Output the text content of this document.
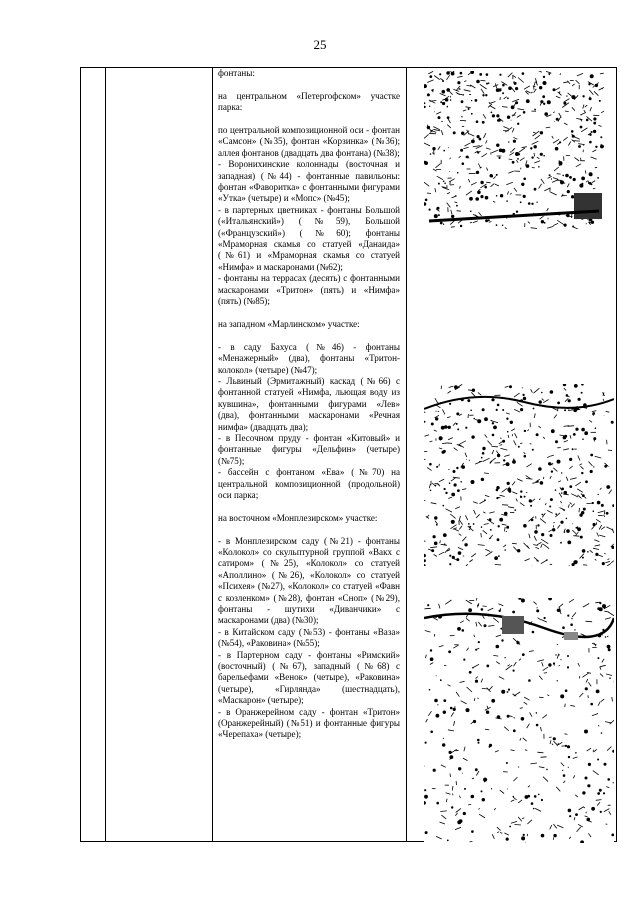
25

фонтаны:

на центральном «Петергофском» участке парка:

по центральной композиционной оси - фонтан «Самсон» (№35), фонтан «Корзинка» (№36); аллея фонтанов (двадцать два фонтана) (№38);

- Воронихинские колоннады (восточная и западная) (№44) - фонтанные павильоны: фонтан «Фаворитка» с фонтанными фигурами «Утка» (четыре) и «Мопс» (№45);

- в партерных цветниках - фонтаны Большой («Итальянский») (№59), Большой («Французский») (№60); фонтаны «Мраморная скамья со статуей «Данаида» (№61) и «Мраморная скамья со статуей «Нимфа» и маскаронами (№62);

- фонтаны на террасах (десять) с фонтанными маскаронами «Тритон» (пять) и «Нимфа» (пять) (№85);

на западном «Марлинском» участке:

- в саду Бахуса (№46) - фонтаны «Менажерный» (два), фонтаны «Тритон-колокол» (четыре) (№47);

- Львиный (Эрмитажный) каскад (№66) с фонтанной статуей «Нимфа, льющая воду из кувшина», фонтанными фигурами «Лев» (два), фонтанными маскаронами «Речная нимфа» (двадцать два);

- в Песочном пруду - фонтан «Китовый» и фонтанные фигуры «Дельфин» (четыре) (№75);

- бассейн с фонтаном «Ева» (№70) на центральной композиционной (продольной) оси парка;

на восточном «Монплезирском» участке:

- в Монплезирском саду (№21) - фонтаны «Колокол» со скульптурной группой «Вакх с сатиром» (№25), «Колокол» со статуей «Аполлино» (№26), «Колокол» со статуей «Психея» (№27), «Колокол» со статуей «Фавн с козленком» (№28), фонтан «Сноп» (№29), фонтаны - шутихи «Диванчики» с маскаронами (два) (№30);

- в Китайском саду (№53) - фонтаны «Ваза» (№54), «Раковина» (№55);

- в Партерном саду - фонтаны «Римский» (восточный) (№67), западный (№68) с барельефами «Венок» (четыре), «Раковина» (четыре), «Гирлянда» (шестнадцать), «Маскарон» (четыре);

- в Оранжерейном саду - фонтан «Тритон» (Оранжерейный) (№51) и фонтанные фигуры «Черепаха» (четыре);
